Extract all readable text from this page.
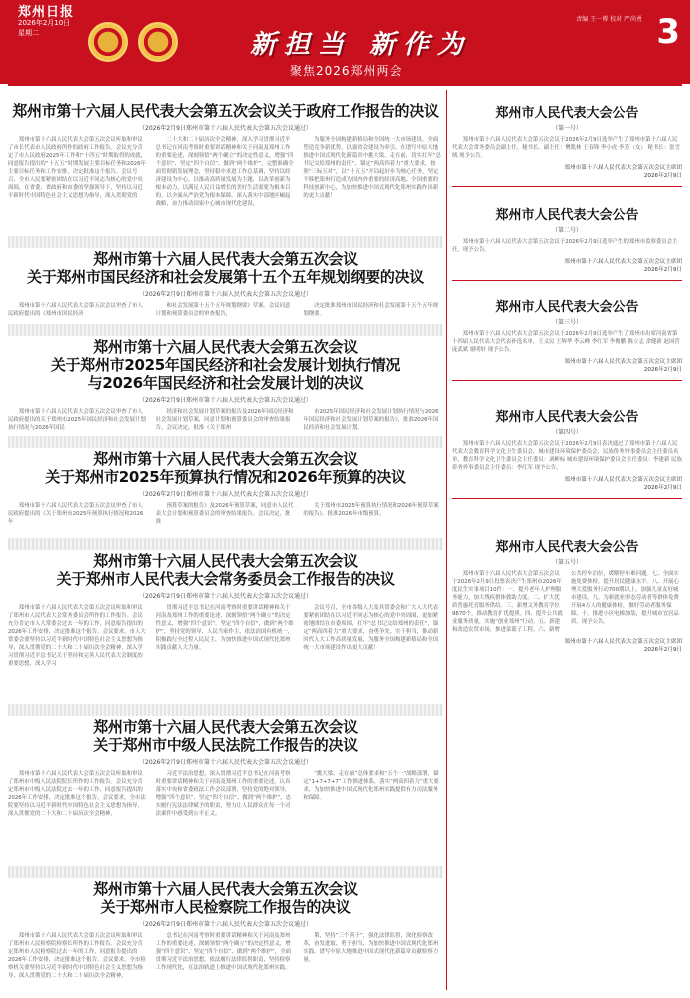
郑州日报
2026年2月10日
星期二	新担当 新作为
聚焦2026郑州两会
责编 王一博 校对 严尚勇 3
郑州市第十六届人民代表大会第五次会议关于政府工作报告的决议
（2026年2月9日郑州市第十六届人民代表大会第五次会议通过）

郑州市第十六届人民代表大会第五次会议听取和审议了市长代表市人民政府所作的政府工作报告。会议充分肯定了市人民政府2025年工作和“十四五”时期取得的成就，同意报告提出的“十五五”时期发展主要目标任务和2026年主要目标任务和工作安排，决定批准这个报告。会议号召，全市人民要紧密团结在以习近平同志为核心的党中央周围，在省委、省政府和市委的坚强领导下，坚持以习近平新时代中国特色社会主义思想为指导，深入贯彻党的

二十大和二十届历次全会精神，深入学习贯彻习近平总书记在河南考察时重要讲话精神和关于河南及郑州工作的重要论述，深刻领悟“两个确立”的决定性意义，增强“四个意识”、坚定“四个自信”、做到“两个维护”，完整准确全面贯彻新发展理念，坚持稳中求进工作总基调，坚持以经济建设为中心，以推动高质量发展为主题，以改革创新为根本动力，以满足人民日益增长的美好生活需要为根本目的，以全面从严治党为根本保障，深入落实中部地区崛起战略，奋力推动国家中心城市现代化建设，

为服务全国构建新格局和全国统一大市场建设，全面塑造竞争新优势，以强省会建设为牵引，在谱写中原大地推进中国式现代化新篇章中挑大梁、走在前，切实扛牢“总书记交给郑州的责任”，锚定“两高四着力”重大要求，按照“三标五对”，以“十五五”开局起好步为核心任务，坚定不移把郑州打造成为国内外重要的经济高地、全国重要的科技创新中心，为加快推进中国式现代化郑州实践作出新的更大贡献！

郑州市第十六届人民代表大会第五次会议
关于郑州市国民经济和社会发展第十五个五年规划纲要的决议
（2026年2月9日郑州市第十六届人民代表大会第五次会议通过）

郑州市第十六届人民代表大会第五次会议审查了市人民政府提出的《郑州市国民经济

和社会发展第十五个五年规划纲要》草案。会议同意计划和预算委员会的审查报告，

决定批准郑州市国民经济和社会发展第十五个五年规划纲要。

郑州市第十六届人民代表大会第五次会议
关于郑州市2025年国民经济和社会发展计划执行情况
与2026年国民经济和社会发展计划的决议
（2026年2月9日郑州市第十六届人民代表大会第五次会议通过）

郑州市第十六届人民代表大会第五次会议审查了市人民政府提出的关于郑州市2025年国民经济和社会发展计划执行情况与2026年国民

经济和社会发展计划草案的报告及2026年国民经济和社会发展计划草案，同意计划和预算委员会的审查结果报告。会议决定，批准《关于郑州

市2025年国民经济和社会发展计划执行情况与2026年国民经济和社会发展计划草案的报告》，批准2026年国民经济和社会发展计划。

郑州市第十六届人民代表大会第五次会议
关于郑州市2025年预算执行情况和2026年预算的决议
（2026年2月9日郑州市第十六届人民代表大会第五次会议通过）

郑州市第十六届人民代表大会第五次会议审查了市人民政府提出的《关于郑州市2025年预算执行情况和2026年

预算草案的报告》及2026年预算草案，同意市人民代表大会计划和预算委员会的审查结果报告。会议决定，批准

关于郑州市2025年预算执行情况和2026年预算草案的报告》，批准2026年市级预算。

郑州市第十六届人民代表大会第五次会议
关于郑州市人民代表大会常务委员会工作报告的决议
（2026年2月9日郑州市第十六届人民代表大会第五次会议通过）

郑州市第十六届人民代表大会第五次会议听取和审议了郑州市人民代表大会常务委员会所作的工作报告。会议充分肯定市人大常委会过去一年的工作，同意报告提出的2026年工作安排，决定批准这个报告。会议要求，市人大常委会要坚持以习近平新时代中国特色社会主义思想为指导，深入贯彻党的二十大和二十届历次全会精神，深入学习贯彻习近平总书记关于坚持和完善人民代表大会制度的重要思想，深入学习

贯彻习近平总书记在河南考察时重要讲话精神和关于河南及郑州工作的重要论述，深刻领悟“两个确立”的决定性意义，增强“四个意识”，坚定“四个自信”，做到“两个维护”，坚持党的领导、人民当家作主、依法治国有机统一，积极践行全过程人民民主，为加快推进中国式现代化郑州实践贡献人大力量。

会议号召，全市各级人大及其常委会和广大人大代表要紧密团结在以习近平同志为核心的党中央周围，更加紧密地团结在市委周围，扛牢“总书记交给郑州的责任”，锚定“两高四着力”重大要求，奋勇争先、实干担当，推动新时代人大工作高质量发展，为服务全国构建新格局和全国统一大市场建设作出更大贡献！

郑州市第十六届人民代表大会第五次会议
关于郑州市中级人民法院工作报告的决议
（2026年2月9日郑州市第十六届人民代表大会第五次会议通过）

郑州市第十六届人民代表大会第五次会议听取和审议了郑州市中级人民法院院长所作的工作报告。会议充分肯定郑州市中级人民法院过去一年的工作，同意报告提出的2026年工作安排，决定批准这个报告。会议要求，全市法院要坚持以习近平新时代中国特色社会主义思想为指导，深入贯彻党的二十大和二十届历次全会精神，

习近平法治思想，深入贯彻习近平总书记在河南考察时重要讲话精神和关于河南及郑州工作的重要论述，认真落实中央和省委政法工作会议部署，坚持党的绝对领导，增强“四个意识”、坚定“四个自信”、做到“两个维护”，忠实履行宪法法律赋予的职责，努力让人民群众在每一个司法案件中感受到公平正义。

“挑大梁、走在前”总体要求和“五个一”战略部署，锚定“1+7+7+7”工作推进体系，落实“两高四着力”重大要求，为加快推进中国式现代化郑州实践提供有力司法服务和保障。

郑州市第十六届人民代表大会第五次会议
关于郑州市人民检察院工作报告的决议
（2026年2月9日郑州市第十六届人民代表大会第五次会议通过）

郑州市第十六届人民代表大会第五次会议听取和审议了郑州市人民检察院检察长所作的工作报告。会议充分肯定郑州市人民检察院过去一年的工作，同意报告提出的2026年工作安排，决定批准这个报告。会议要求，全市检察机关要坚持以习近平新时代中国特色社会主义思想为指导，深入贯彻党的二十大和二十届历次全会精神，

总书记在河南考察时重要讲话精神和关于河南及郑州工作的重要论述，深刻领悟“两个确立”的决定性意义，增强“四个意识”、坚定“四个自信”、做到“两个维护”，全面贯彻习近平法治思想，依法履行法律监督职责，坚持检察工作现代化，在法治轨道上推进中国式现代化郑州实践。

策，坚持“三个善于”，强化法律监督，深化检察改革，奋发进取、勇于担当，为加快推进中国式现代化郑州实践、谱写中原大地推进中国式现代化新篇章贡献检察力量。

郑州市人民代表大会公告
（第一号）

郑州市第十六届人民代表大会第五次会议于2026年2月9日选举产生了郑州市第十六届人民代表大会常务委员会副主任、秘书长。副主任：樊凯林 王春锋 李小虎 李芳（女） 秘书长：张雪绒 现予公告。

郑州市第十六届人民代表大会第五次会议主席团
2026年2月9日
郑州市人民代表大会公告
（第二号）

郑州市第十六届人民代表大会第五次会议于2026年2月9日选举产生的郑州市监察委员会主任。现予公告。

郑州市第十六届人民代表大会第五次会议主席团
2026年2月9日
郑州市人民代表大会公告
（第三号）

郑州市第十六届人民代表大会第五次会议于2026年2月9日选举产生了郑州市出席河南省第十四届人民代表大会代表补选名单。王义民 王辉华 李云峰 李红军 李俊鹏 陈立志 余健新 赵国营 庞武斌 谢明轩 现予公告。

郑州市第十六届人民代表大会第五次会议主席团
2026年2月9日
郑州市人民代表大会公告
（第四号）

郑州市第十六届人民代表大会第五次会议于2026年2月9日表决通过了郑州市第十六届人民代表大会教育科学文化卫生委员会、城市建设环境保护委员会、民族侨务外事委员会主任委员名单。教育科学文化卫生委员会主任委员：刘彬标 城市建设环境保护委员会主任委员：李建新 民族侨务外事委员会主任委员：李红军 现予公告。

郑州市第十六届人民代表大会第五次会议主席团
2026年2月9日
郑州市人民代表大会公告
（第五号）

郑州市第十六届人民代表大会第五次会议于2026年2月9日投票表决产生郑州市2026年度民生实事项目10件：一、提升老年人护理服务能力，加大残疾群体救助力度。二、扩大优质普惠托育服务供给。三、新增义务教育学位9870个，推动教育扩优提质。四、提升公共就业服务质量，实施“创业郑州”行动。五、新建和改造农贸市场，推进菜篮子工程。六、新增公共停车泊位，缓解停车难问题。七、全面实施免费体检，提升居民健康水平。八、开展心理关爱服务行动700期以上，加强儿童友好城市建设。九、为新就业形态劳动者等群体免费开展4万人的健康体检，做好劳动者服务保障。十、推进小区电梯加装，提升城市宜居品质。现予公告。

郑州市第十六届人民代表大会第五次会议主席团
2026年2月9日
